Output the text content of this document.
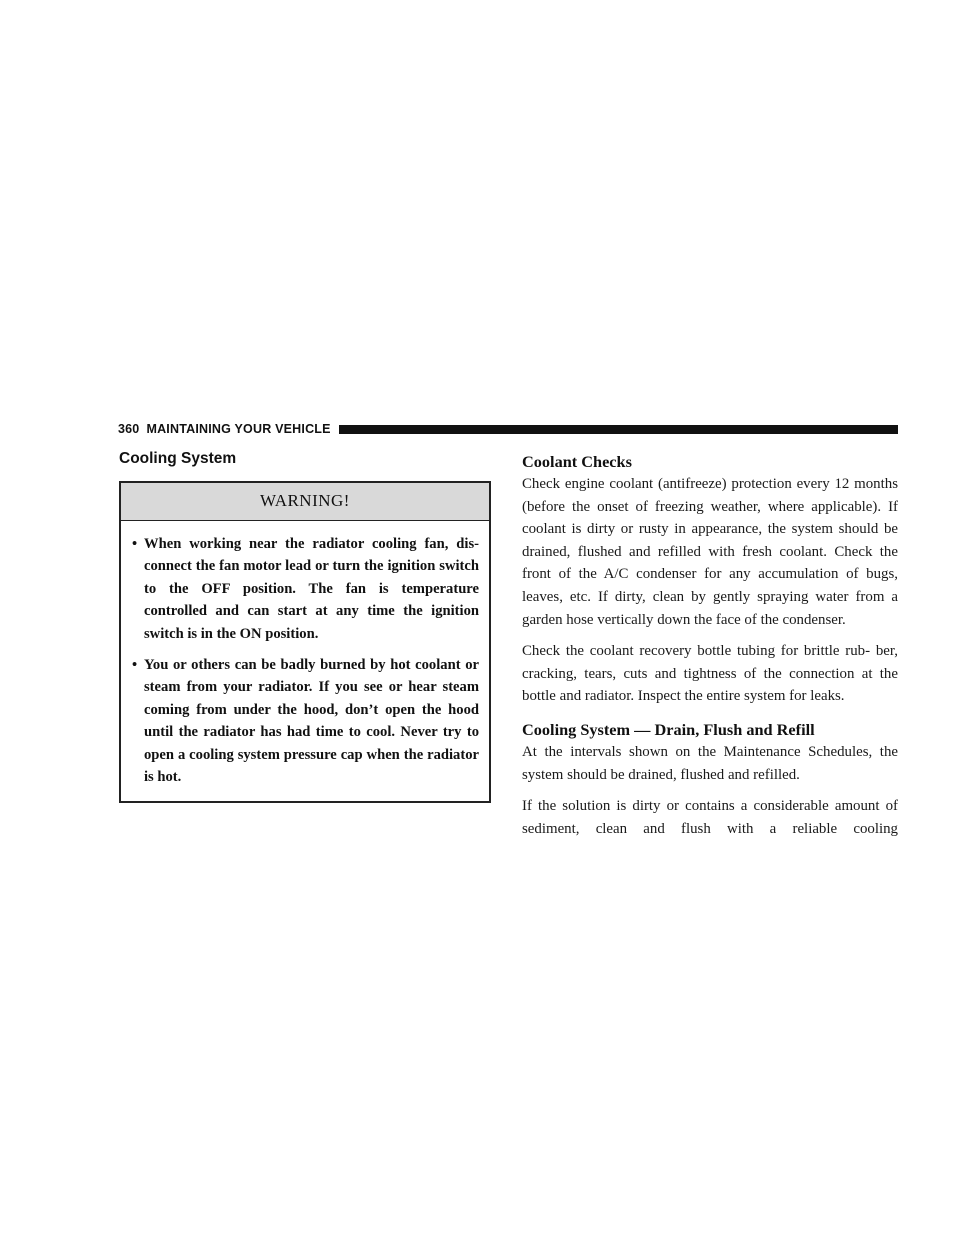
360 MAINTAINING YOUR VEHICLE
Cooling System
WARNING!
• When working near the radiator cooling fan, dis- connect the fan motor lead or turn the ignition switch to the OFF position. The fan is temperature controlled and can start at any time the ignition switch is in the ON position.
• You or others can be badly burned by hot coolant or steam from your radiator. If you see or hear steam coming from under the hood, don’t open the hood until the radiator has had time to cool. Never try to open a cooling system pressure cap when the radiator is hot.
Coolant Checks

Check engine coolant (antifreeze) protection every 12 months (before the onset of freezing weather, where applicable). If coolant is dirty or rusty in appearance, the system should be drained, flushed and refilled with fresh coolant. Check the front of the A/C condenser for any accumulation of bugs, leaves, etc. If dirty, clean by gently spraying water from a garden hose vertically down the face of the condenser.

Check the coolant recovery bottle tubing for brittle rub- ber, cracking, tears, cuts and tightness of the connection at the bottle and radiator. Inspect the entire system for leaks.

Cooling System — Drain, Flush and Refill

At the intervals shown on the Maintenance Schedules, the system should be drained, flushed and refilled.

If the solution is dirty or contains a considerable amount of sediment, clean and flush with a reliable cooling
